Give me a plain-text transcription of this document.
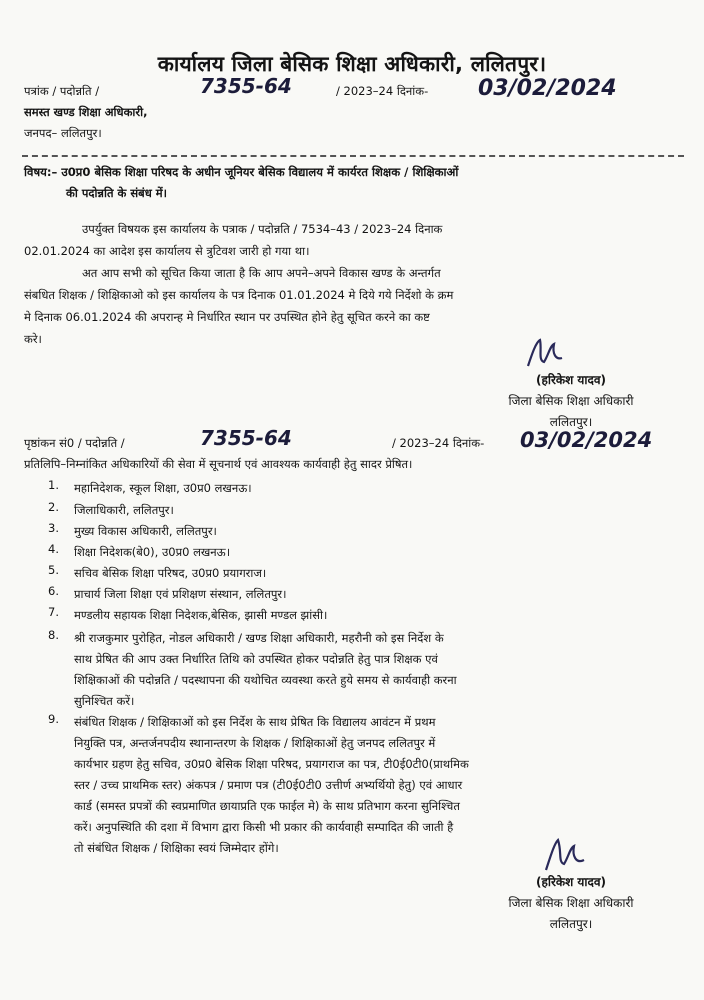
कार्यालय जिला बेसिक शिक्षा अधिकारी, ललितपुर।
पत्रांक / पदोन्नति /	7355-64	/ 2023–24 दिनांक- 03/02/2024
समस्त खण्ड शिक्षा अधिकारी,
जनपद– ललितपुर।
विषय:– उ0प्र0 बेसिक शिक्षा परिषद के अधीन जूनियर बेसिक विद्यालय में कार्यरत शिक्षक / शिक्षिकाओं
की पदोन्नति के संबंध में।
उपर्युक्त विषयक इस कार्यालय के पत्राक / पदोन्नति / 7534–43 / 2023–24 दिनाक
02.01.2024 का आदेश इस कार्यालय से त्रुटिवश जारी हो गया था।
अत आप सभी को सूचित किया जाता है कि आप अपने–अपने विकास खण्ड के अन्तर्गत
संबधित शिक्षक / शिक्षिकाओ को इस कार्यालय के पत्र दिनाक 01.01.2024 मे दिये गये निर्देशो के क्रम
मे दिनाक 06.01.2024 की अपरान्ह मे निर्धारित स्थान पर उपस्थित होने हेतु सूचित करने का कष्ट
करे।
(हरिकेश यादव)
जिला बेसिक शिक्षा अधिकारी
ललितपुर।
पृष्ठांकन सं0 / पदोन्नति /	7355-64	/ 2023–24 दिनांक- 03/02/2024
प्रतिलिपि–निम्नांकित अधिकारियों की सेवा में सूचनार्थ एवं आवश्यक कार्यवाही हेतु सादर प्रेषित।
1. महानिदेशक, स्कूल शिक्षा, उ0प्र0 लखनऊ।
2. जिलाधिकारी, ललितपुर।
3. मुख्य विकास अधिकारी, ललितपुर।
4. शिक्षा निदेशक(बे0), उ0प्र0 लखनऊ।
5. सचिव बेसिक शिक्षा परिषद, उ0प्र0 प्रयागराज।
6. प्राचार्य जिला शिक्षा एवं प्रशिक्षण संस्थान, ललितपुर।
7. मण्डलीय सहायक शिक्षा निदेशक,बेसिक, झासी मण्डल झांसी।
8. श्री राजकुमार पुरोहित, नोडल अधिकारी / खण्ड शिक्षा अधिकारी, महरौनी को इस निर्देश के
साथ प्रेषित की आप उक्त निर्धारित तिथि को उपस्थित होकर पदोन्नति हेतु पात्र शिक्षक एवं
शिक्षिकाओं की पदोन्नति / पदस्थापना की यथोचित व्यवस्था करते हुये समय से कार्यवाही करना
सुनिश्चित करें।
9. संबंधित शिक्षक / शिक्षिकाओं को इस निर्देश के साथ प्रेषित कि विद्यालय आवंटन में प्रथम
नियुक्ति पत्र, अन्तर्जनपदीय स्थानान्तरण के शिक्षक / शिक्षिकाओं हेतु जनपद ललितपुर में
कार्यभार ग्रहण हेतु सचिव, उ0प्र0 बेसिक शिक्षा परिषद, प्रयागराज का पत्र, टी0ई0टी0(प्राथमिक
स्तर / उच्च प्राथमिक स्तर) अंकपत्र / प्रमाण पत्र (टी0ई0टी0 उत्तीर्ण अभ्यर्थियो हेतु) एवं आधार
कार्ड (समस्त प्रपत्रों की स्वप्रमाणित छायाप्रति एक फाईल मे) के साथ प्रतिभाग करना सुनिश्चित
करें। अनुपस्थिति की दशा में विभाग द्वारा किसी भी प्रकार की कार्यवाही सम्पादित की जाती है
तो संबंधित शिक्षक / शिक्षिका स्वयं जिम्मेदार होंगे।
(हरिकेश यादव)
जिला बेसिक शिक्षा अधिकारी
ललितपुर।
